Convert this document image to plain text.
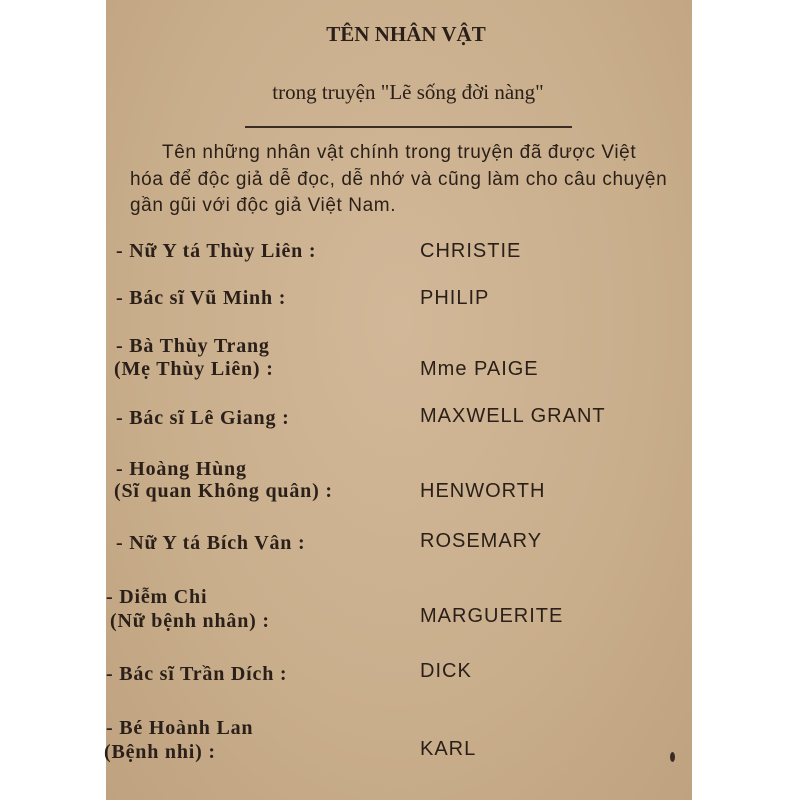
TÊN NHÂN VẬT
trong truyện "Lẽ sống đời nàng"
Tên những nhân vật chính trong truyện đã được Việt
hóa để độc giả dễ đọc, dễ nhớ và cũng làm cho câu chuyện
gần gũi với độc giả Việt Nam.
- Nữ Y tá Thùy Liên :	CHRISTIE
- Bác sĩ Vũ Minh :	PHILIP
- Bà Thùy Trang
(Mẹ Thùy Liên) :	Mme PAIGE
- Bác sĩ Lê Giang :	MAXWELL GRANT
- Hoàng Hùng
(Sĩ quan Không quân) :	HENWORTH
- Nữ Y tá Bích Vân :	ROSEMARY
- Diễm Chi
(Nữ bệnh nhân) :	MARGUERITE
- Bác sĩ Trần Dích :	DICK
- Bé Hoành Lan
(Bệnh nhi) :	KARL
